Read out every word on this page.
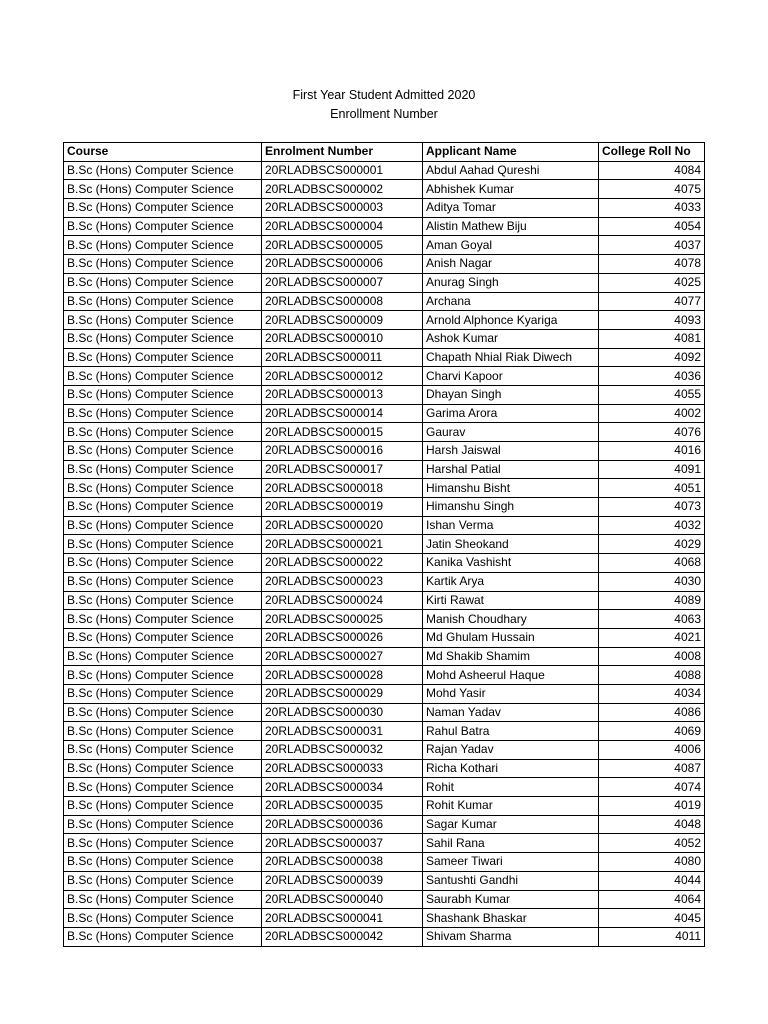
First Year Student Admitted 2020
Enrollment Number
Course	Enrolment Number	Applicant Name	College Roll No
B.Sc (Hons) Computer Science	20RLADBSCS000001	Abdul Aahad Qureshi	4084
B.Sc (Hons) Computer Science	20RLADBSCS000002	Abhishek Kumar	4075
B.Sc (Hons) Computer Science	20RLADBSCS000003	Aditya Tomar	4033
B.Sc (Hons) Computer Science	20RLADBSCS000004	Alistin Mathew Biju	4054
B.Sc (Hons) Computer Science	20RLADBSCS000005	Aman Goyal	4037
B.Sc (Hons) Computer Science	20RLADBSCS000006	Anish Nagar	4078
B.Sc (Hons) Computer Science	20RLADBSCS000007	Anurag Singh	4025
B.Sc (Hons) Computer Science	20RLADBSCS000008	Archana	4077
B.Sc (Hons) Computer Science	20RLADBSCS000009	Arnold Alphonce Kyariga	4093
B.Sc (Hons) Computer Science	20RLADBSCS000010	Ashok Kumar	4081
B.Sc (Hons) Computer Science	20RLADBSCS000011	Chapath Nhial Riak Diwech	4092
B.Sc (Hons) Computer Science	20RLADBSCS000012	Charvi Kapoor	4036
B.Sc (Hons) Computer Science	20RLADBSCS000013	Dhayan Singh	4055
B.Sc (Hons) Computer Science	20RLADBSCS000014	Garima Arora	4002
B.Sc (Hons) Computer Science	20RLADBSCS000015	Gaurav	4076
B.Sc (Hons) Computer Science	20RLADBSCS000016	Harsh Jaiswal	4016
B.Sc (Hons) Computer Science	20RLADBSCS000017	Harshal Patial	4091
B.Sc (Hons) Computer Science	20RLADBSCS000018	Himanshu Bisht	4051
B.Sc (Hons) Computer Science	20RLADBSCS000019	Himanshu Singh	4073
B.Sc (Hons) Computer Science	20RLADBSCS000020	Ishan Verma	4032
B.Sc (Hons) Computer Science	20RLADBSCS000021	Jatin Sheokand	4029
B.Sc (Hons) Computer Science	20RLADBSCS000022	Kanika Vashisht	4068
B.Sc (Hons) Computer Science	20RLADBSCS000023	Kartik Arya	4030
B.Sc (Hons) Computer Science	20RLADBSCS000024	Kirti Rawat	4089
B.Sc (Hons) Computer Science	20RLADBSCS000025	Manish Choudhary	4063
B.Sc (Hons) Computer Science	20RLADBSCS000026	Md Ghulam Hussain	4021
B.Sc (Hons) Computer Science	20RLADBSCS000027	Md Shakib Shamim	4008
B.Sc (Hons) Computer Science	20RLADBSCS000028	Mohd Asheerul Haque	4088
B.Sc (Hons) Computer Science	20RLADBSCS000029	Mohd Yasir	4034
B.Sc (Hons) Computer Science	20RLADBSCS000030	Naman Yadav	4086
B.Sc (Hons) Computer Science	20RLADBSCS000031	Rahul Batra	4069
B.Sc (Hons) Computer Science	20RLADBSCS000032	Rajan Yadav	4006
B.Sc (Hons) Computer Science	20RLADBSCS000033	Richa Kothari	4087
B.Sc (Hons) Computer Science	20RLADBSCS000034	Rohit	4074
B.Sc (Hons) Computer Science	20RLADBSCS000035	Rohit Kumar	4019
B.Sc (Hons) Computer Science	20RLADBSCS000036	Sagar Kumar	4048
B.Sc (Hons) Computer Science	20RLADBSCS000037	Sahil Rana	4052
B.Sc (Hons) Computer Science	20RLADBSCS000038	Sameer Tiwari	4080
B.Sc (Hons) Computer Science	20RLADBSCS000039	Santushti Gandhi	4044
B.Sc (Hons) Computer Science	20RLADBSCS000040	Saurabh Kumar	4064
B.Sc (Hons) Computer Science	20RLADBSCS000041	Shashank Bhaskar	4045
B.Sc (Hons) Computer Science	20RLADBSCS000042	Shivam Sharma	4011
